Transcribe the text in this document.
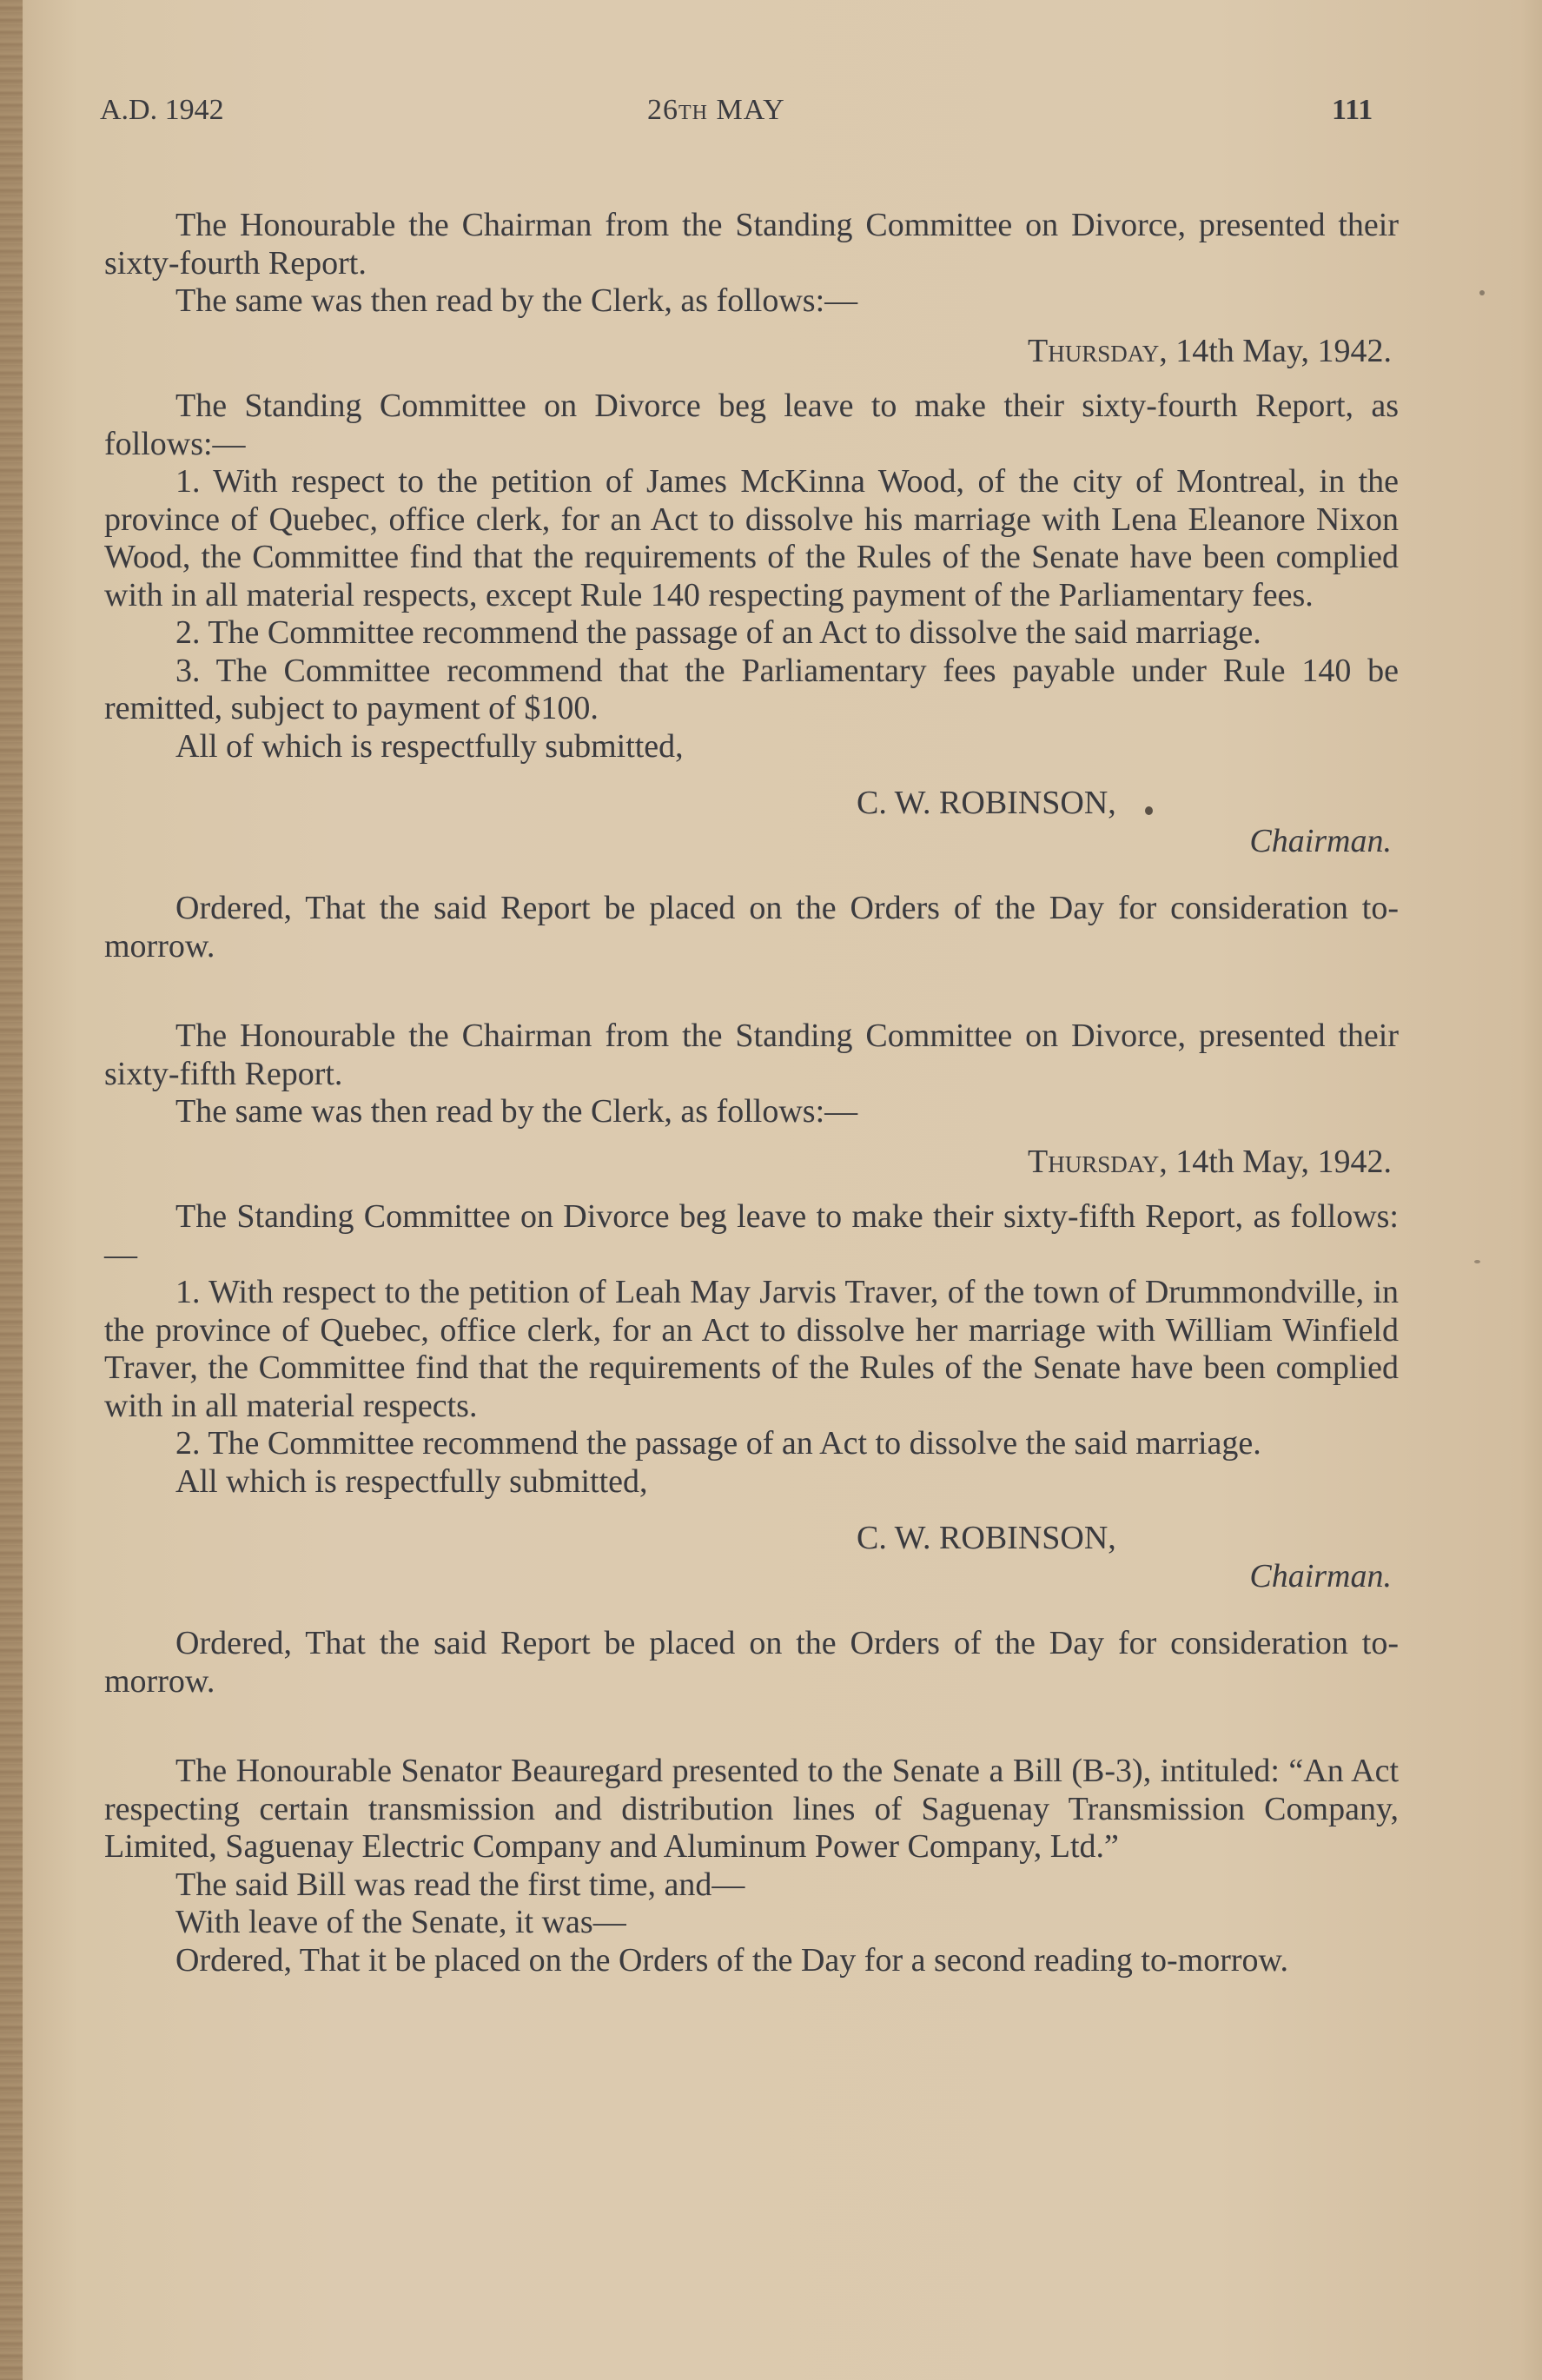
A.D. 1942	26TH MAY	111

The Honourable the Chairman from the Standing Committee on Divorce, presented their sixty-fourth Report.

The same was then read by the Clerk, as follows:—

Thursday, 14th May, 1942.

The Standing Committee on Divorce beg leave to make their sixty-fourth Report, as follows:—

1. With respect to the petition of James McKinna Wood, of the city of Montreal, in the province of Quebec, office clerk, for an Act to dissolve his marriage with Lena Eleanore Nixon Wood, the Committee find that the requirements of the Rules of the Senate have been complied with in all material respects, except Rule 140 respecting payment of the Parliamentary fees.

2. The Committee recommend the passage of an Act to dissolve the said marriage.

3. The Committee recommend that the Parliamentary fees payable under Rule 140 be remitted, subject to payment of $100.

All of which is respectfully submitted,

C. W. ROBINSON,

Chairman.

Ordered, That the said Report be placed on the Orders of the Day for consideration to-morrow.

The Honourable the Chairman from the Standing Committee on Divorce, presented their sixty-fifth Report.

The same was then read by the Clerk, as follows:—

Thursday, 14th May, 1942.

The Standing Committee on Divorce beg leave to make their sixty-fifth Report, as follows:—

1. With respect to the petition of Leah May Jarvis Traver, of the town of Drummondville, in the province of Quebec, office clerk, for an Act to dissolve her marriage with William Winfield Traver, the Committee find that the requirements of the Rules of the Senate have been complied with in all material respects.

2. The Committee recommend the passage of an Act to dissolve the said marriage.

All which is respectfully submitted,

C. W. ROBINSON,

Chairman.

Ordered, That the said Report be placed on the Orders of the Day for consideration to-morrow.

The Honourable Senator Beauregard presented to the Senate a Bill (B-3), intituled: “An Act respecting certain transmission and distribution lines of Saguenay Transmission Company, Limited, Saguenay Electric Company and Aluminum Power Company, Ltd.”

The said Bill was read the first time, and—

With leave of the Senate, it was—

Ordered, That it be placed on the Orders of the Day for a second reading to-morrow.
